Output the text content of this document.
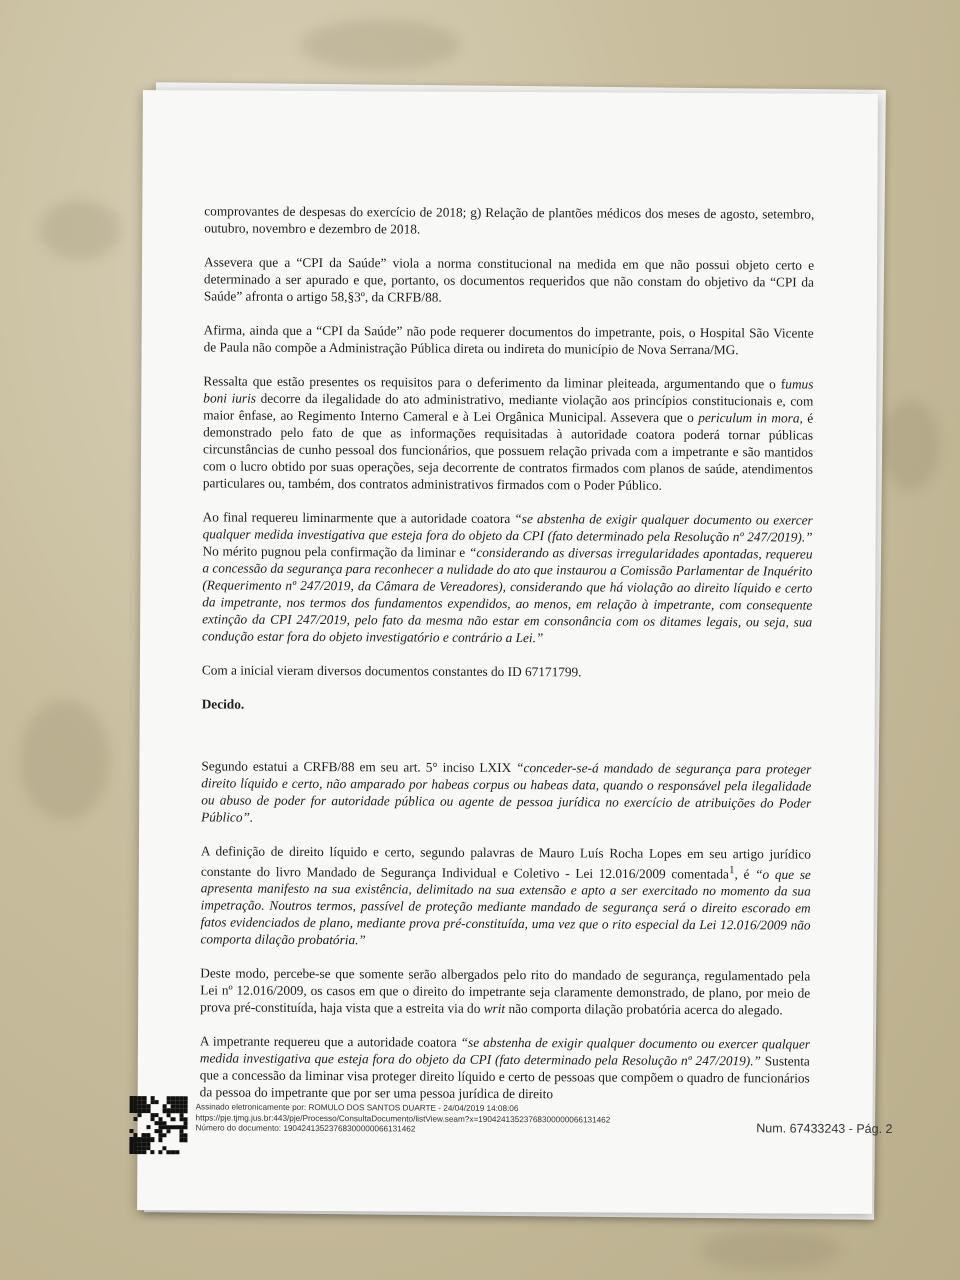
comprovantes de despesas do exercício de 2018; g) Relação de plantões médicos dos meses de agosto, setembro, outubro, novembro e dezembro de 2018.

Assevera que a “CPI da Saúde” viola a norma constitucional na medida em que não possui objeto certo e determinado a ser apurado e que, portanto, os documentos requeridos que não constam do objetivo da “CPI da Saúde” afronta o artigo 58,§3º, da CRFB/88.

Afirma, ainda que a “CPI da Saúde” não pode requerer documentos do impetrante, pois, o Hospital São Vicente de Paula não compõe a Administração Pública direta ou indireta do município de Nova Serrana/MG.

Ressalta que estão presentes os requisitos para o deferimento da liminar pleiteada, argumentando que o fumus boni iuris decorre da ilegalidade do ato administrativo, mediante violação aos princípios constitucionais e, com maior ênfase, ao Regimento Interno Cameral e à Lei Orgânica Municipal. Assevera que o periculum in mora, é demonstrado pelo fato de que as informações requisitadas à autoridade coatora poderá tornar públicas circunstâncias de cunho pessoal dos funcionários, que possuem relação privada com a impetrante e são mantidos com o lucro obtido por suas operações, seja decorrente de contratos firmados com planos de saúde, atendimentos particulares ou, também, dos contratos administrativos firmados com o Poder Público.

Ao final requereu liminarmente que a autoridade coatora “se abstenha de exigir qualquer documento ou exercer qualquer medida investigativa que esteja fora do objeto da CPI (fato determinado pela Resolução nº 247/2019).” No mérito pugnou pela confirmação da liminar e “considerando as diversas irregularidades apontadas, requereu a concessão da segurança para reconhecer a nulidade do ato que instaurou a Comissão Parlamentar de Inquérito (Requerimento nº 247/2019, da Câmara de Vereadores), considerando que há violação ao direito líquido e certo da impetrante, nos termos dos fundamentos expendidos, ao menos, em relação à impetrante, com consequente extinção da CPI 247/2019, pelo fato da mesma não estar em consonância com os ditames legais, ou seja, sua condução estar fora do objeto investigatório e contrário a Lei.”

Com a inicial vieram diversos documentos constantes do ID 67171799.

Decido.

Segundo estatui a CRFB/88 em seu art. 5° inciso LXIX “conceder-se-á mandado de segurança para proteger direito líquido e certo, não amparado por habeas corpus ou habeas data, quando o responsável pela ilegalidade ou abuso de poder for autoridade pública ou agente de pessoa jurídica no exercício de atribuições do Poder Público”.

A definição de direito líquido e certo, segundo palavras de Mauro Luís Rocha Lopes em seu artigo jurídico constante do livro Mandado de Segurança Individual e Coletivo - Lei 12.016/2009 comentada$^1$, é “o que se apresenta manifesto na sua existência, delimitado na sua extensão e apto a ser exercitado no momento da sua impetração. Noutros termos, passível de proteção mediante mandado de segurança será o direito escorado em fatos evidenciados de plano, mediante prova pré-constituída, uma vez que o rito especial da Lei 12.016/2009 não comporta dilação probatória.”

Deste modo, percebe-se que somente serão albergados pelo rito do mandado de segurança, regulamentado pela Lei nº 12.016/2009, os casos em que o direito do impetrante seja claramente demonstrado, de plano, por meio de prova pré-constituída, haja vista que a estreita via do writ não comporta dilação probatória acerca do alegado.

A impetrante requereu que a autoridade coatora “se abstenha de exigir qualquer documento ou exercer qualquer medida investigativa que esteja fora do objeto da CPI (fato determinado pela Resolução nº 247/2019).” Sustenta que a concessão da liminar visa proteger direito líquido e certo de pessoas que compõem o quadro de funcionários da pessoa do impetrante que por ser uma pessoa jurídica de direito

Assinado eletronicamente por: ROMULO DOS SANTOS DUARTE - 24/04/2019 14:08:06
https://pje.tjmg.jus.br:443/pje/Processo/ConsultaDocumento/listView.seam?x=19042413523768300000066131462
Número do documento: 19042413523768300000066131462	Num. 67433243 - Pág. 2
